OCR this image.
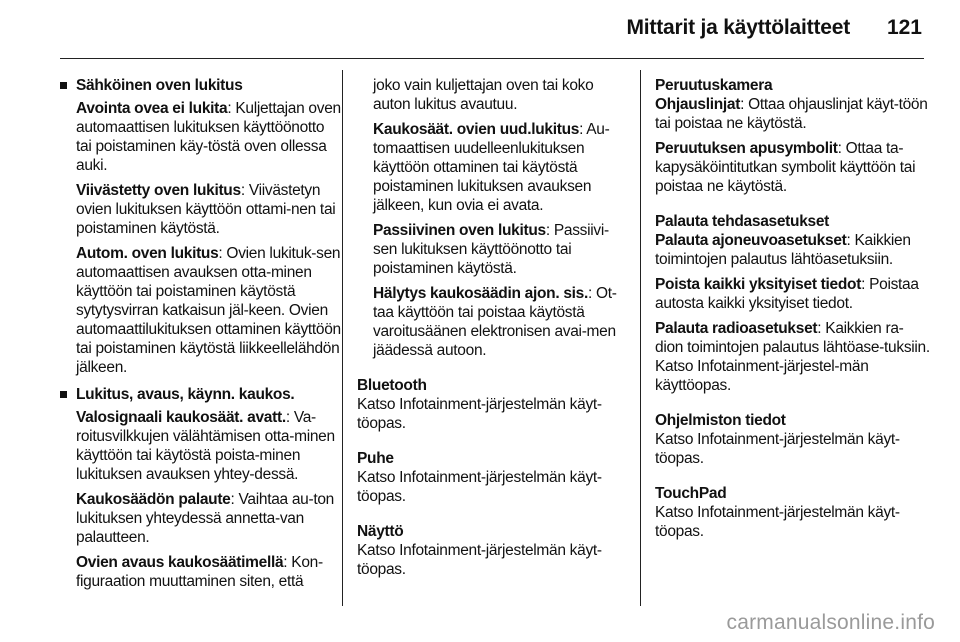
Mittarit ja käyttölaitteet	121
Sähköinen oven lukitus
Avointa ovea ei lukita: Kuljettajan oven automaattisen lukituksen käyttöönotto tai poistaminen käy-töstä oven ollessa auki.
Viivästetty oven lukitus: Viivästetyn ovien lukituksen käyttöön ottami-nen tai poistaminen käytöstä.
Autom. oven lukitus: Ovien lukituk-sen automaattisen avauksen otta-minen käyttöön tai poistaminen käytöstä sytytysvirran katkaisun jäl-keen. Ovien automaattilukituksen ottaminen käyttöön tai poistaminen käytöstä liikkeellelähdön jälkeen.
Lukitus, avaus, käynn. kaukos.
Valosignaali kaukosäät. avatt.: Va-roitusvilkkujen välähtämisen otta-minen käyttöön tai käytöstä poista-minen lukituksen avauksen yhtey-dessä.
Kaukosäädön palaute: Vaihtaa au-ton lukituksen yhteydessä annetta-van palautteen.
Ovien avaus kaukosäätimellä: Kon-figuraation muuttaminen siten, että
joko vain kuljettajan oven tai koko auton lukitus avautuu.
Kaukosäät. ovien uud.lukitus: Au-tomaattisen uudelleenlukituksen käyttöön ottaminen tai käytöstä poistaminen lukituksen avauksen jälkeen, kun ovia ei avata.
Passiivinen oven lukitus: Passiivi-sen lukituksen käyttöönotto tai poistaminen käytöstä.
Hälytys kaukosäädin ajon. sis.: Ot-taa käyttöön tai poistaa käytöstä varoitusäänen elektronisen avai-men jäädessä autoon.
Bluetooth
Katso Infotainment-järjestelmän käyt-töopas.
Puhe
Katso Infotainment-järjestelmän käyt-töopas.
Näyttö
Katso Infotainment-järjestelmän käyt-töopas.
Peruutuskamera
Ohjauslinjat: Ottaa ohjauslinjat käyt-töön tai poistaa ne käytöstä.
Peruutuksen apusymbolit: Ottaa ta-kapysäköintitutkan symbolit käyttöön tai poistaa ne käytöstä.
Palauta tehdasasetukset
Palauta ajoneuvoasetukset: Kaikkien toimintojen palautus lähtöasetuksiin.
Poista kaikki yksityiset tiedot: Poistaa autosta kaikki yksityiset tiedot.
Palauta radioasetukset: Kaikkien ra-dion toimintojen palautus lähtöase-tuksiin. Katso Infotainment-järjestel-män käyttöopas.
Ohjelmiston tiedot
Katso Infotainment-järjestelmän käyt-töopas.
TouchPad
Katso Infotainment-järjestelmän käyt-töopas.
carmanualsonline.info
